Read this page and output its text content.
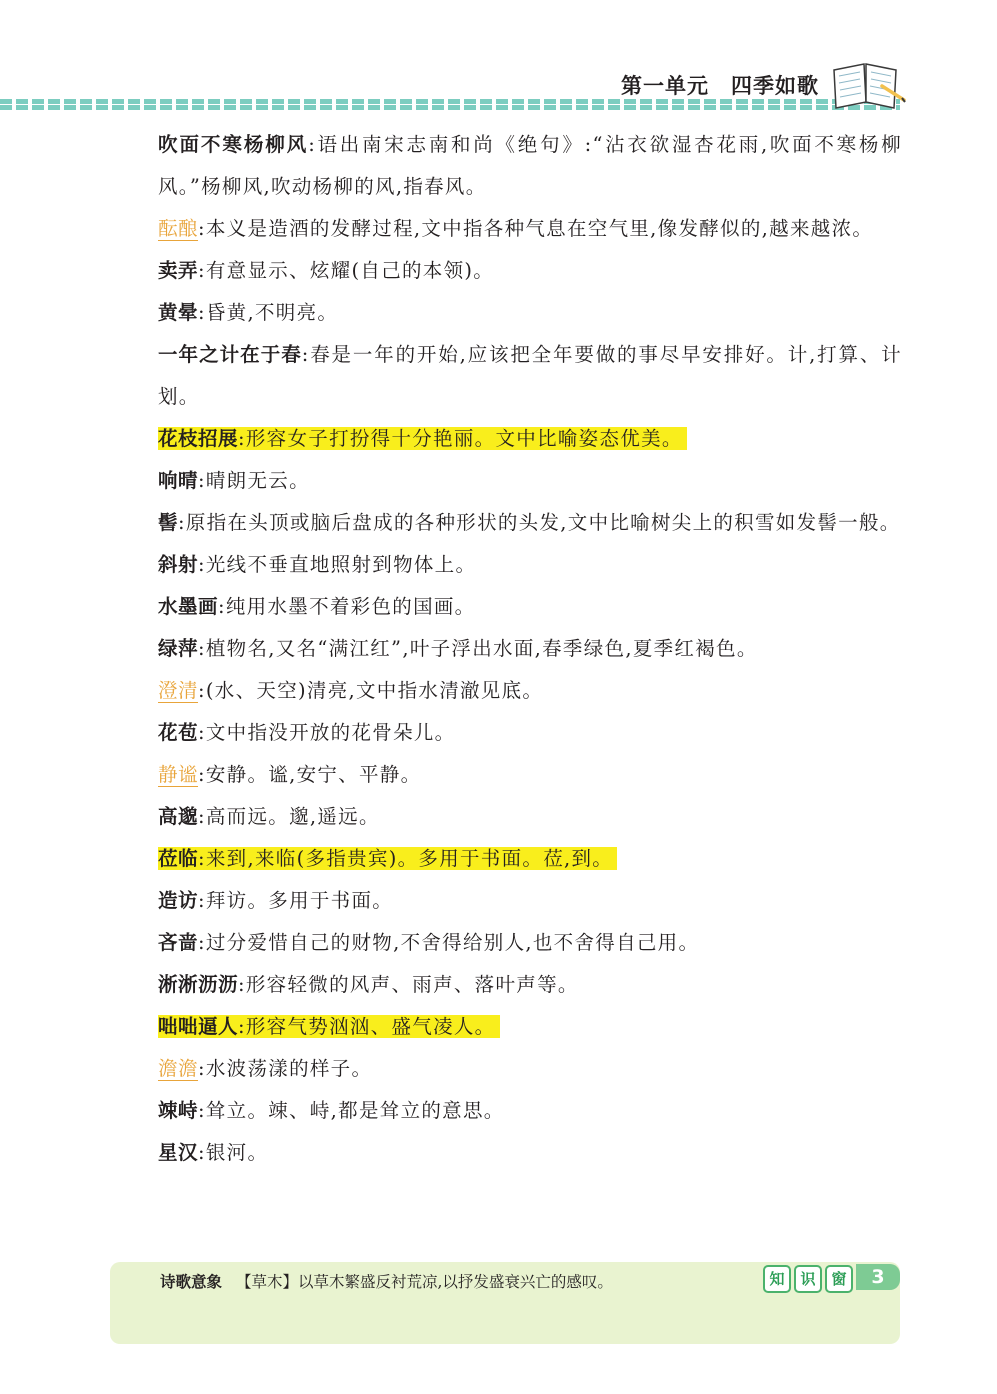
第一单元　四季如歌
吹面不寒杨柳风:语出南宋志南和尚《绝句》:“沾衣欲湿杏花雨,吹面不寒杨柳风。”杨柳风,吹动杨柳的风,指春风。
酝酿:本义是造酒的发酵过程,文中指各种气息在空气里,像发酵似的,越来越浓。
卖弄:有意显示、炫耀(自己的本领)。
黄晕:昏黄,不明亮。
一年之计在于春:春是一年的开始,应该把全年要做的事尽早安排好。计,打算、计划。
花枝招展:形容女子打扮得十分艳丽。文中比喻姿态优美。
响晴:晴朗无云。
髻:原指在头顶或脑后盘成的各种形状的头发,文中比喻树尖上的积雪如发髻一般。
斜射:光线不垂直地照射到物体上。
水墨画:纯用水墨不着彩色的国画。
绿萍:植物名,又名“满江红”,叶子浮出水面,春季绿色,夏季红褐色。
澄清:(水、天空)清亮,文中指水清澈见底。
花苞:文中指没开放的花骨朵儿。
静谧:安静。谧,安宁、平静。
高邈:高而远。邈,遥远。
莅临:来到,来临(多指贵宾)。多用于书面。莅,到。
造访:拜访。多用于书面。
吝啬:过分爱惜自己的财物,不舍得给别人,也不舍得自己用。
淅淅沥沥:形容轻微的风声、雨声、落叶声等。
咄咄逼人:形容气势汹汹、盛气凌人。
澹澹:水波荡漾的样子。
竦峙:耸立。竦、峙,都是耸立的意思。
星汉:银河。
诗歌意象 【草木】以草木繁盛反衬荒凉,以抒发盛衰兴亡的感叹。	知	识	窗	3
